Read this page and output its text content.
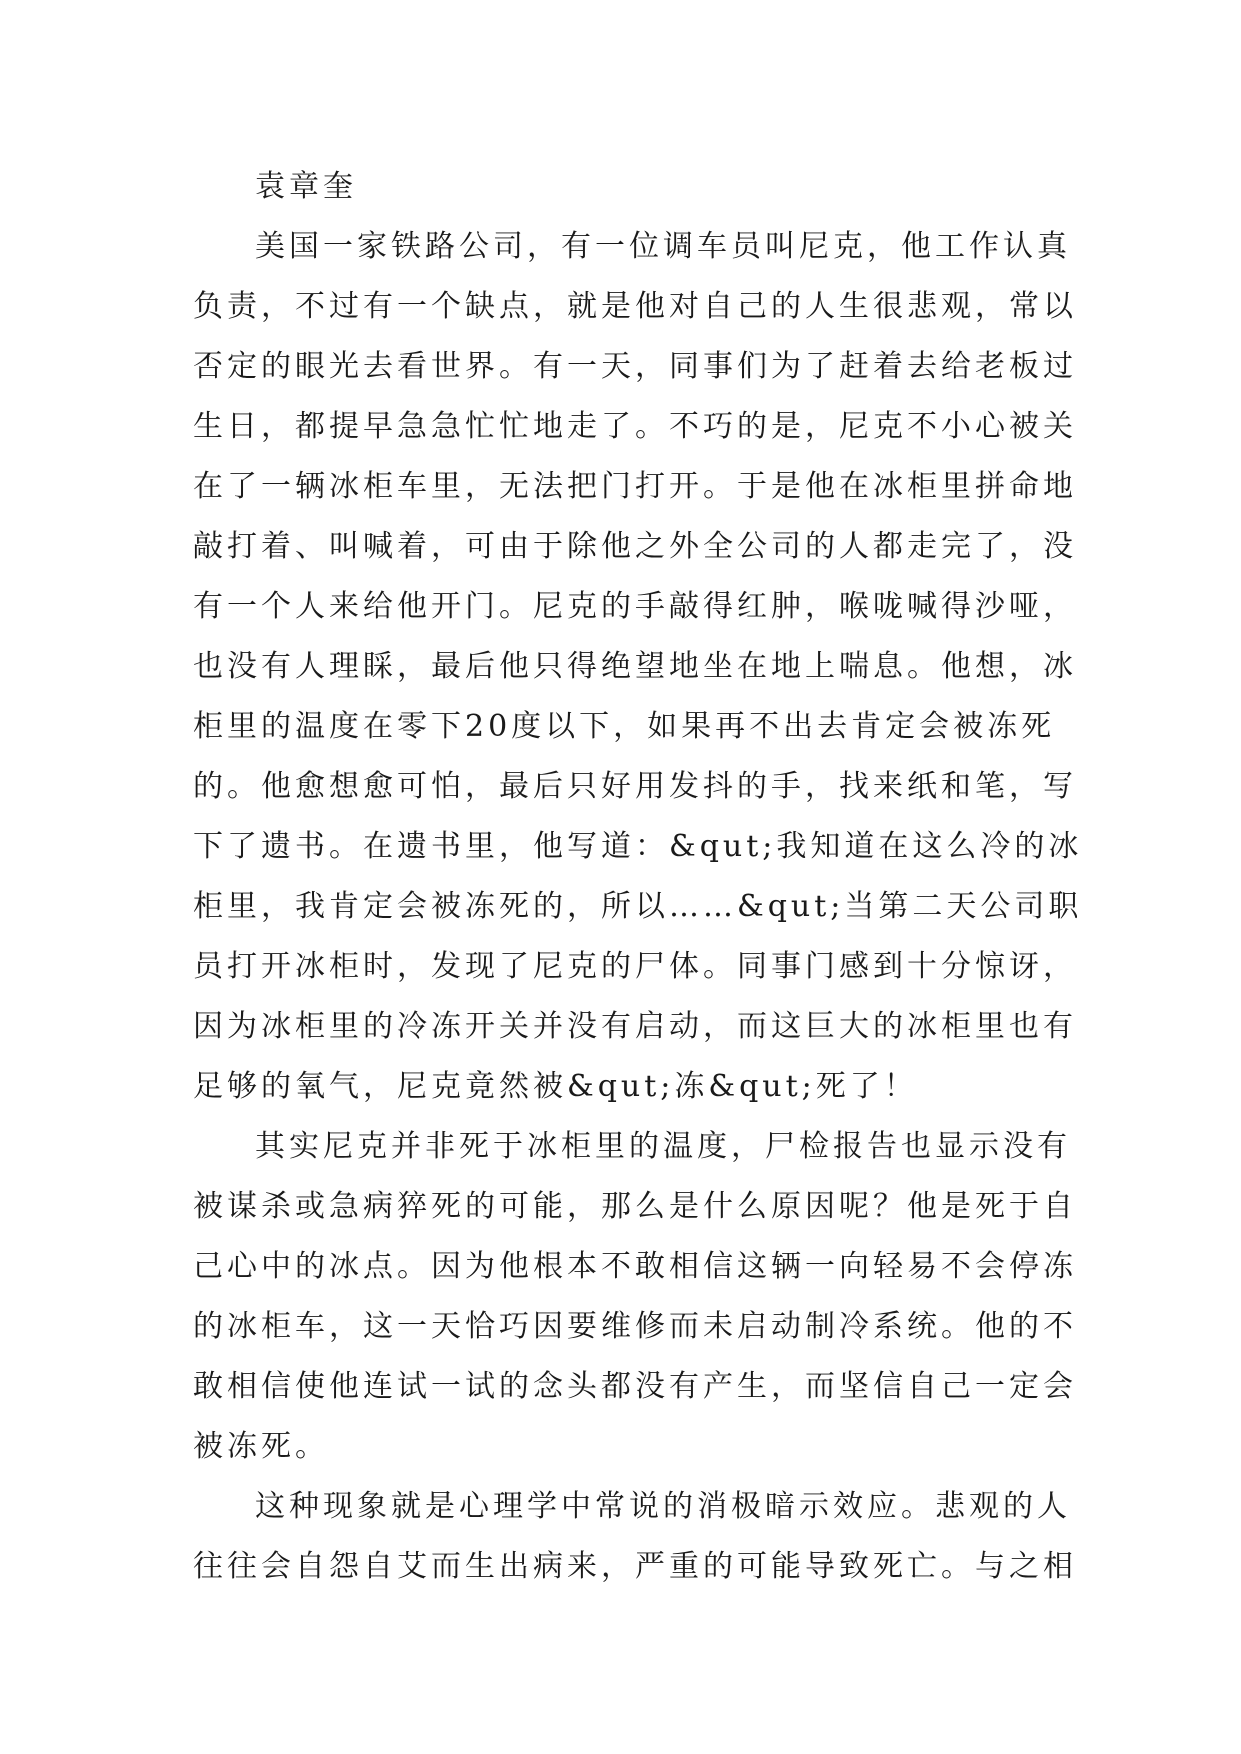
袁章奎

美国一家铁路公司，有一位调车员叫尼克，他工作认真
负责，不过有一个缺点，就是他对自己的人生很悲观，常以
否定的眼光去看世界。有一天，同事们为了赶着去给老板过
生日，都提早急急忙忙地走了。不巧的是，尼克不小心被关
在了一辆冰柜车里，无法把门打开。于是他在冰柜里拼命地
敲打着、叫喊着，可由于除他之外全公司的人都走完了，没
有一个人来给他开门。尼克的手敲得红肿，喉咙喊得沙哑，
也没有人理睬，最后他只得绝望地坐在地上喘息。他想，冰
柜里的温度在零下20度以下，如果再不出去肯定会被冻死
的。他愈想愈可怕，最后只好用发抖的手，找来纸和笔，写
下了遗书。在遗书里，他写道：&qut;我知道在这么冷的冰
柜里，我肯定会被冻死的，所以……&qut;当第二天公司职
员打开冰柜时，发现了尼克的尸体。同事门感到十分惊讶，
因为冰柜里的冷冻开关并没有启动，而这巨大的冰柜里也有
足够的氧气，尼克竟然被&qut;冻&qut;死了！

其实尼克并非死于冰柜里的温度，尸检报告也显示没有
被谋杀或急病猝死的可能，那么是什么原因呢？他是死于自
己心中的冰点。因为他根本不敢相信这辆一向轻易不会停冻
的冰柜车，这一天恰巧因要维修而未启动制冷系统。他的不
敢相信使他连试一试的念头都没有产生，而坚信自己一定会
被冻死。

这种现象就是心理学中常说的消极暗示效应。悲观的人
往往会自怨自艾而生出病来，严重的可能导致死亡。与之相
